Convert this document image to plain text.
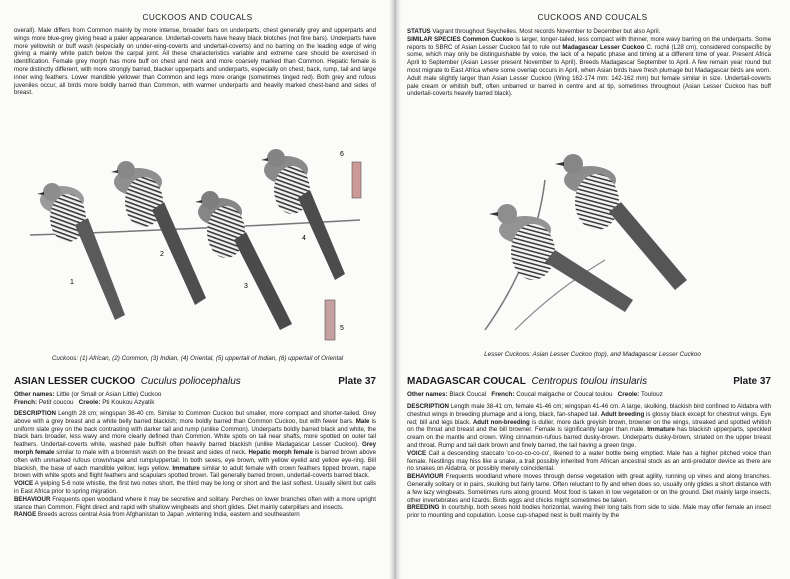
CUCKOOS AND COUCALS

overall). Male differs from Common mainly by more intense, broader bars on underparts, chest generally grey and upperparts and wings more blue-grey giving head a paler appearance. Undertail-coverts have heavy black blotches (not fine bars). Underparts have more yellowish or buff wash (especially on under-wing-coverts and undertail-coverts) and no barring on the leading edge of wing giving a mainly white patch below the carpal joint. All these characteristics variable and extreme care should be exercised in identification. Female grey morph has more buff on chest and neck and more coarsely marked than Common. Hepatic female is more distinctly different, with more strongly barred, blacker upperparts and underparts, especially on chest, back, rump, tail and large inner wing feathers. Lower mandible yellower than Common and legs more orange (sometimes tinged red). Both grey and rufous juveniles occur, all birds more boldly barred than Common, with warmer underparts and heavily marked chest-band and sides of breast.

1
2
3
4
5
6
Cuckoos: (1) African, (2) Common, (3) Indian, (4) Oriental, (5) uppertail of Indian, (6) uppertail of Oriental
ASIAN LESSER CUCKOO Cuculus poliocephalus	Plate 37

Other names: Little (or Small or Asian Little) Cuckoo
French: Petit coucou Creole: Pti Koukou Azyatik

DESCRIPTION Length 28 cm; wingspan 38-40 cm. Similar to Common Cuckoo but smaller, more compact and shorter-tailed. Grey above with a grey breast and a white belly barred blackish; more boldly barred than Common Cuckoo, but with fewer bars. Male is uniform slate grey on the back contrasting with darker tail and rump (unlike Common). Underparts boldly barred black and white, the black bars broader, less wavy and more clearly defined than Common. White spots on tail near shafts, more spotted on outer tail feathers. Undertail-coverts white, washed pale buffish often heavily barred blackish (unlike Madagascar Lesser Cuckoo). Grey morph female similar to male with a brownish wash on the breast and sides of neck. Hepatic morph female is barred brown above often with unmarked rufous crown/nape and rump/uppertail. In both sexes, eye brown, with yellow eyelid and yellow eye-ring. Bill blackish, the base of each mandible yellow; legs yellow. Immature similar to adult female with crown feathers tipped brown, nape brown with white spots and flight feathers and scapulars spotted brown. Tail generally barred brown, undertail-coverts barred black.
VOICE A yelping 5-6 note whistle, the first two notes short, the third may be long or short and the last softest. Usually silent but calls in East Africa prior to spring migration.
BEHAVIOUR Frequents open woodland where it may be secretive and solitary. Perches on lower branches often with a more upright stance than Common. Flight direct and rapid with shallow wingbeats and short glides. Diet mainly caterpillars and insects.
RANGE Breeds across central Asia from Afghanistan to Japan ,wintering India, eastern and southeastern

CUCKOOS AND COUCALS

STATUS Vagrant throughout Seychelles. Most records November to December but also April.
SIMILAR SPECIES Common Cuckoo is larger, longer-tailed, less compact with thinner, more wavy barring on the underparts. Some reports to SBRC of Asian Lesser Cuckoo fail to rule out Madagascar Lesser Cuckoo C. rochii (L28 cm), considered conspecific by some, which may only be distinguishable by voice, the lack of a hepatic phase and timing at a different time of year. Present Africa April to September (Asian Lesser present November to April). Breeds Madagascar September to April. A few remain year round but most migrate to East Africa where some overlap occurs in April, when Asian birds have fresh plumage but Madagascar birds are worn. Adult male slightly larger than Asian Lesser Cuckoo (Wing 162-174 mm: 142-162 mm) but female similar in size. Undertail-coverts pale cream or whitish buff, often unbarred or barred in centre and at tip, sometimes throughout (Asian Lesser Cuckoo has buff undertail-coverts heavily barred black).

Lesser Cuckoos: Asian Lesser Cuckoo (top), and Madagascar Lesser Cuckoo
MADAGASCAR COUCAL Centropus toulou insularis	Plate 37

Other names: Black Coucal French: Coucal malgache or Coucal toulou Creole: Toulouz

DESCRIPTION Length male 38-41 cm, female 41-46 cm; wingspan 41-46 cm. A large, skulking, blackish bird confined to Aldabra with chestnut wings in breeding plumage and a long, black, fan-shaped tail. Adult breeding is glossy black except for chestnut wings. Eye red; bill and legs black. Adult non-breeding is duller, more dark greyish brown, browner on the wings, streaked and spotted whitish on the throat and breast and the bill browner. Female is significantly larger than male. Immature has blackish upperparts, speckled cream on the mantle and crown. Wing cinnamon-rufous barred dusky-brown. Underparts dusky-brown, striated on the upper breast and throat. Rump and tail dark brown and finely barred, the tail having a green tinge.
VOICE Call a descending staccato 'co-co-co-co-co', likened to a water bottle being emptied. Male has a higher pitched voice than female. Nestlings may hiss like a snake, a trait possibly inherited from African ancestral stock as an anti-predator device as there are no snakes on Aldabra, or possibly merely coincidental.
BEHAVIOUR Frequents woodland where moves through dense vegetation with great agility, running up vines and along branches. Generally solitary or in pairs, skulking but fairly tame. Often reluctant to fly and when does so, usually only glides a short distance with a few lazy wingbeats. Sometimes runs along ground. Most food is taken in low vegetation or on the ground. Diet mainly large insects, other invertebrates and lizards. Birds eggs and chicks might sometimes be taken.
BREEDING In courtship, both sexes hold bodies horizontal, waving their long tails from side to side. Male may offer female an insect prior to mounting and copulation. Loose cup-shaped nest is built mainly by the
